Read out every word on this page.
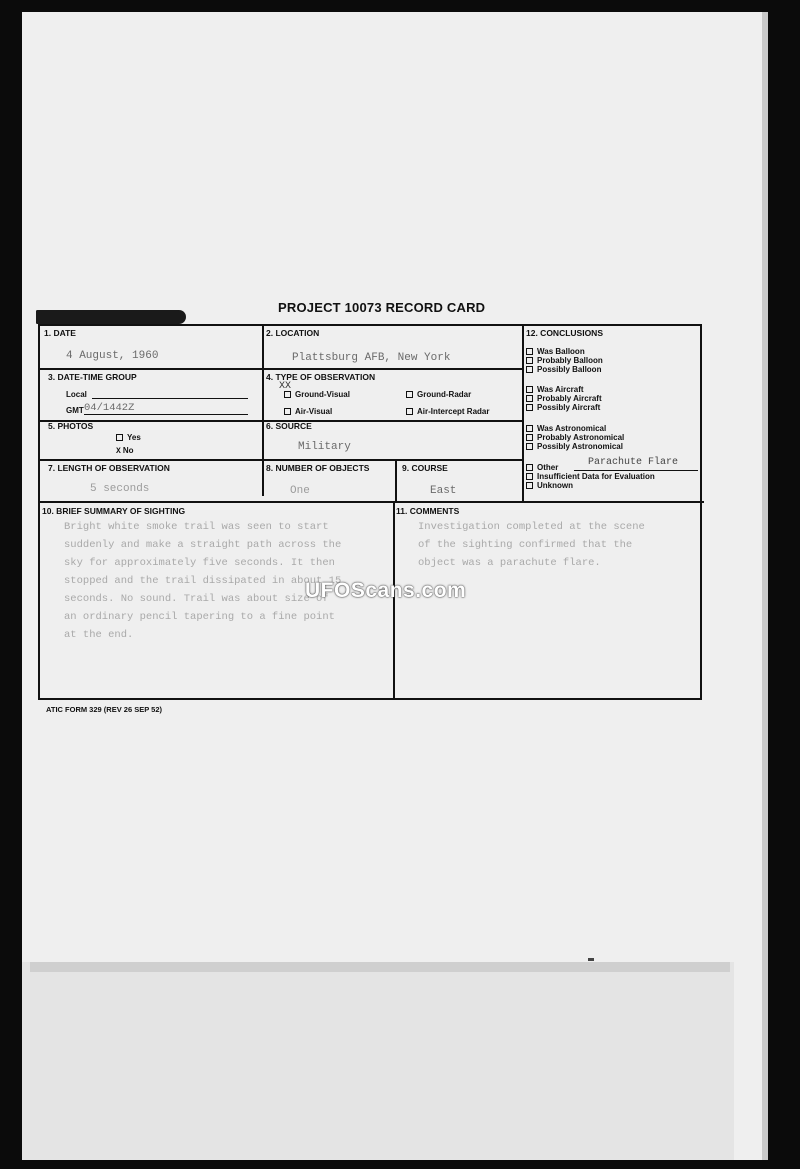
PROJECT 10073 RECORD CARD
1. DATE
4 August, 1960
2. LOCATION
Plattsburg AFB, New York
3. DATE-TIME GROUP
Local
GMT 04/1442Z
4. TYPE OF OBSERVATION
XX
Ground-Visual	Ground-Radar
Air-Visual	Air-Intercept Radar
5. PHOTOS
Yes
X No
6. SOURCE
Military
7. LENGTH OF OBSERVATION
5 seconds
8. NUMBER OF OBJECTS
One
9. COURSE
East
10. BRIEF SUMMARY OF SIGHTING
Bright white smoke trail was seen to start
suddenly and make a straight path across the
sky for approximately five seconds. It then
stopped and the trail dissipated in about 15
seconds. No sound. Trail was about size of
an ordinary pencil tapering to a fine point
at the end.
11. COMMENTS
Investigation completed at the scene
of the sighting confirmed that the
object was a parachute flare.
12. CONCLUSIONS
Was Balloon
Probably Balloon
Possibly Balloon
Was Aircraft
Probably Aircraft
Possibly Aircraft
Was Astronomical
Probably Astronomical
Possibly Astronomical
Other
Insufficient Data for Evaluation
Unknown
Parachute Flare
ATIC FORM 329 (REV 26 SEP 52)
UFOScans.com
